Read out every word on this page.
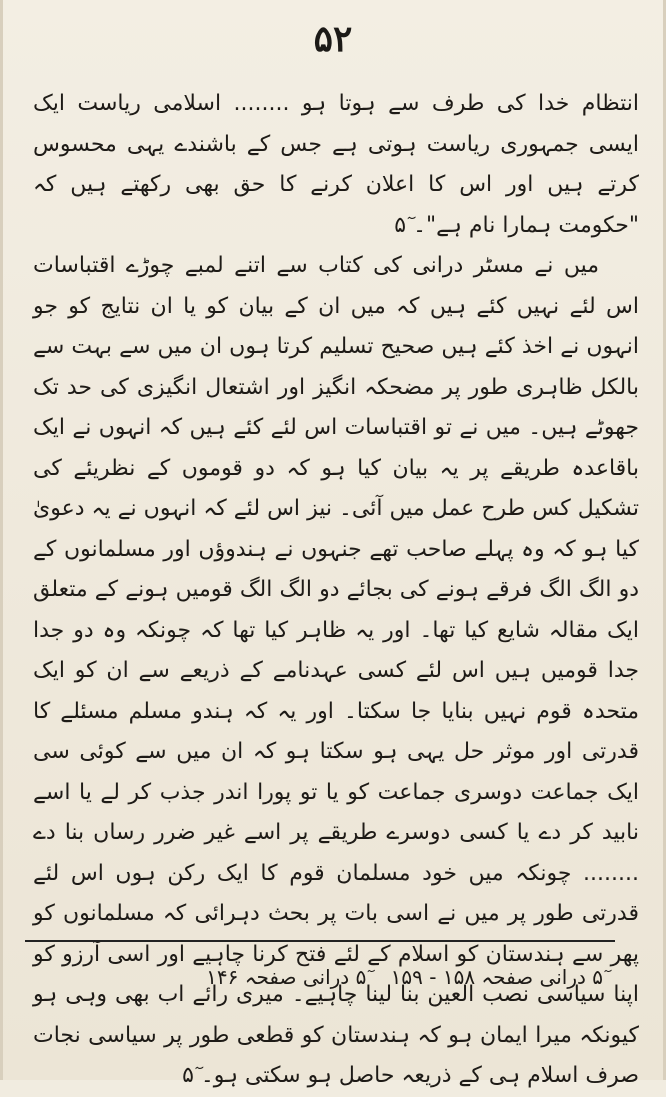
۵۲

انتظام خدا کی طرف سے ہوتا ہو ........ اسلامی ریاست ایک ایسی جمہوری ریاست ہوتی ہے جس کے باشندے یہی محسوس کرتے ہیں اور اس کا اعلان کرنے کا حق بھی رکھتے ہیں کہ "حکومت ہمارا نام ہے"۔ ۵ٓ

میں نے مسٹر درانی کی کتاب سے اتنے لمبے چوڑے اقتباسات اس لئے نہیں کئے ہیں کہ میں ان کے بیان کو یا ان نتایج کو جو انہوں نے اخذ کئے ہیں صحیح تسلیم کرتا ہوں ان میں سے بہت سے بالکل ظاہری طور پر مضحکہ انگیز اور اشتعال انگیزی کی حد تک جھوٹے ہیں۔ میں نے تو اقتباسات اس لئے کئے ہیں کہ انہوں نے ایک باقاعدہ طریقے پر یہ بیان کیا ہو کہ دو قوموں کے نظریئے کی تشکیل کس طرح عمل میں آئی۔ نیز اس لئے کہ انہوں نے یہ دعویٰ کیا ہو کہ وہ پہلے صاحب تھے جنہوں نے ہندوؤں اور مسلمانوں کے دو الگ الگ فرقے ہونے کی بجائے دو الگ الگ قومیں ہونے کے متعلق ایک مقالہ شایع کیا تھا۔ اور یہ ظاہر کیا تھا کہ چونکہ وہ دو جدا جدا قومیں ہیں اس لئے کسی عہدنامے کے ذریعے سے ان کو ایک متحدہ قوم نہیں بنایا جا سکتا۔ اور یہ کہ ہندو مسلم مسئلے کا قدرتی اور موثر حل یہی ہو سکتا ہو کہ ان میں سے کوئی سی ایک جماعت دوسری جماعت کو یا تو پورا اندر جذب کر لے یا اسے نابید کر دے یا کسی دوسرے طریقے پر اسے غیر ضرر رساں بنا دے ........ چونکہ میں خود مسلمان قوم کا ایک رکن ہوں اس لئے قدرتی طور پر میں نے اسی بات پر بحث دہرائی کہ مسلمانوں کو پھر سے ہندستان کو اسلام کے لئے فتح کرنا چاہیے اور اسی آرزو کو اپنا سیاسی نصب العین بنا لینا چاہیے۔ میری رائے اب بھی وہی ہو کیونکہ میرا ایمان ہو کہ ہندستان کو قطعی طور پر سیاسی نجات صرف اسلام ہی کے ذریعہ حاصل ہو سکتی ہو۔ ۵ٓ

۵ٓ درانی صفحہ ۱۵۸ - ۱۵۹ ۵ٓ درانی صفحہ ۱۴۶
